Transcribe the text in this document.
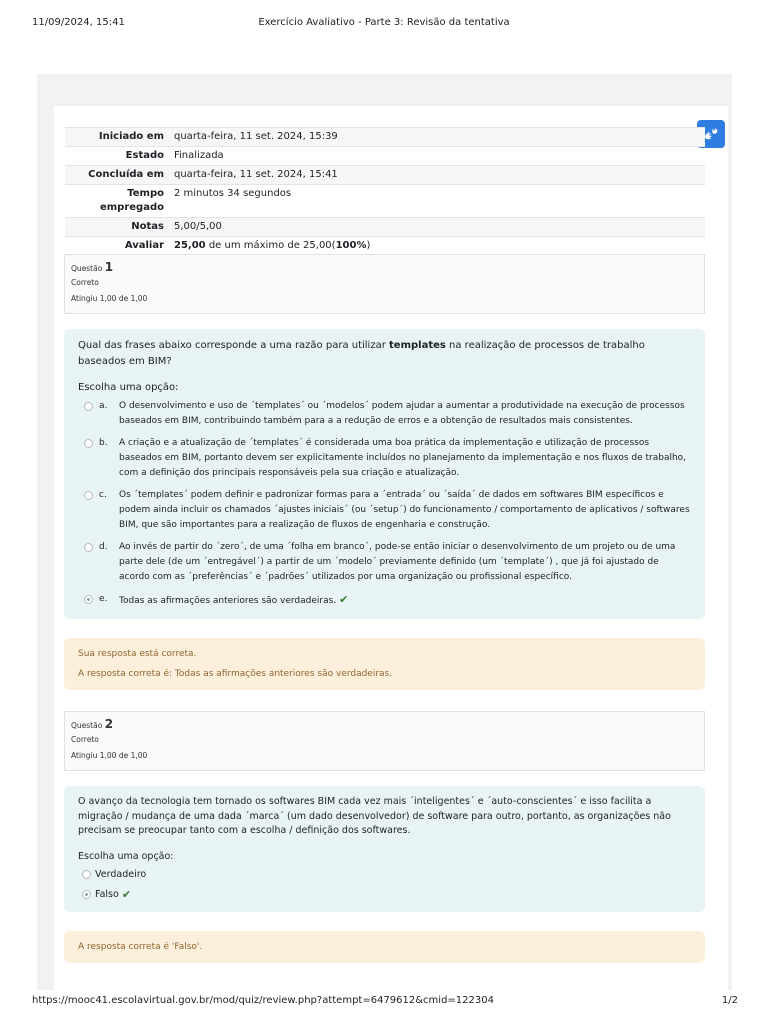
11/09/2024, 15:41	Exercício Avaliativo - Parte 3: Revisão da tentativa
Iniciado em	quarta-feira, 11 set. 2024, 15:39
Estado	Finalizada
Concluída em	quarta-feira, 11 set. 2024, 15:41
Tempo
empregado	2 minutos 34 segundos
Notas	5,00/5,00
Avaliar	25,00 de um máximo de 25,00(100%)
Questão 1
Correto
Atingiu 1,00 de 1,00
Qual das frases abaixo corresponde a uma razão para utilizar templates na realização de processos de trabalho baseados em BIM?
Escolha uma opção:
a.	O desenvolvimento e uso de ´templates´ ou ´modelos´ podem ajudar a aumentar a produtividade na execução de processos baseados em BIM, contribuindo também para a a redução de erros e a obtenção de resultados mais consistentes.
b.	A criação e a atualização de ´templates´ é considerada uma boa prática da implementação e utilização de processos baseados em BIM, portanto devem ser explicitamente incluídos no planejamento da implementação e nos fluxos de trabalho, com a definição dos principais responsáveis pela sua criação e atualização.
c.	Os ´templates´ podem definir e padronizar formas para a ´entrada´ ou ´saída´ de dados em softwares BIM específicos e podem ainda incluir os chamados ´ajustes iniciais´ (ou ´setup´) do funcionamento / comportamento de aplicativos / softwares BIM, que são importantes para a realização de fluxos de engenharia e construção.
d.	Ao invés de partir do ´zero´, de uma ´folha em branco´, pode-se então iniciar o desenvolvimento de um projeto ou de uma parte dele (de um ´entregável´) a partir de um ´modelo´ previamente definido (um ´template´) , que já foi ajustado de acordo com as ´preferências´ e ´padrões´ utilizados por uma organização ou profissional específico.
e.	Todas as afirmações anteriores são verdadeiras. ✔

Sua resposta está correta.

A resposta correta é: Todas as afirmações anteriores são verdadeiras.

Questão 2
Correto
Atingiu 1,00 de 1,00
O avanço da tecnologia tem tornado os softwares BIM cada vez mais ´inteligentes´ e ´auto-conscientes´ e isso facilita a migração / mudança de uma dada ´marca´ (um dado desenvolvedor) de software para outro, portanto, as organizações não precisam se preocupar tanto com a escolha / definição dos softwares.
Escolha uma opção:
Verdadeiro
Falso ✔

A resposta correta é 'Falso'.

https://mooc41.escolavirtual.gov.br/mod/quiz/review.php?attempt=6479612&cmid=122304	1/2
